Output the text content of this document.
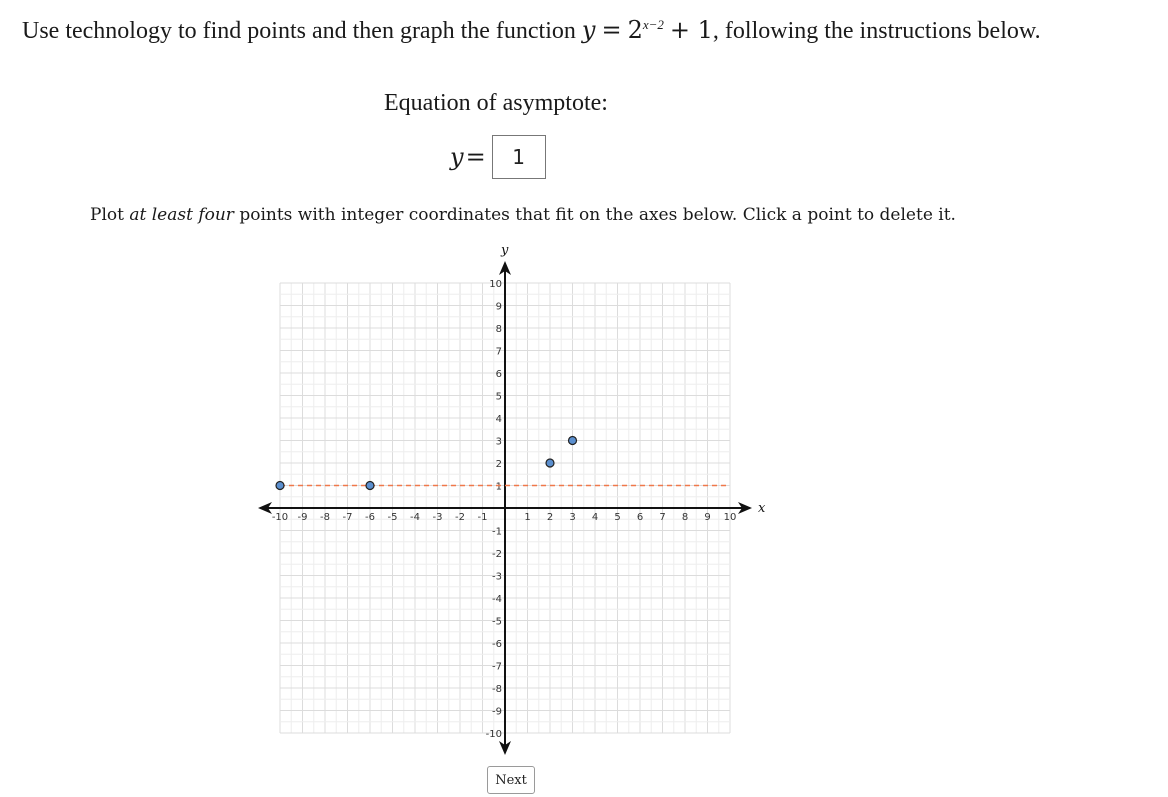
Use technology to find points and then graph the function $y = 2^{x-2} + 1$, following the instructions below.
Equation of asymptote:
y =	1
Plot at least four points with integer coordinates that fit on the axes below. Click a point to delete it.
x
y
-10 -9 -8 -7 -6 -5 -4 -3 -2 -1	1 2 3 4 5 6 7 8 9 10
-10
-9
-8
-7
-6
-5
-4
-3
-2
-1
1
2
3
4
5
6
7
8
9
10
Next
